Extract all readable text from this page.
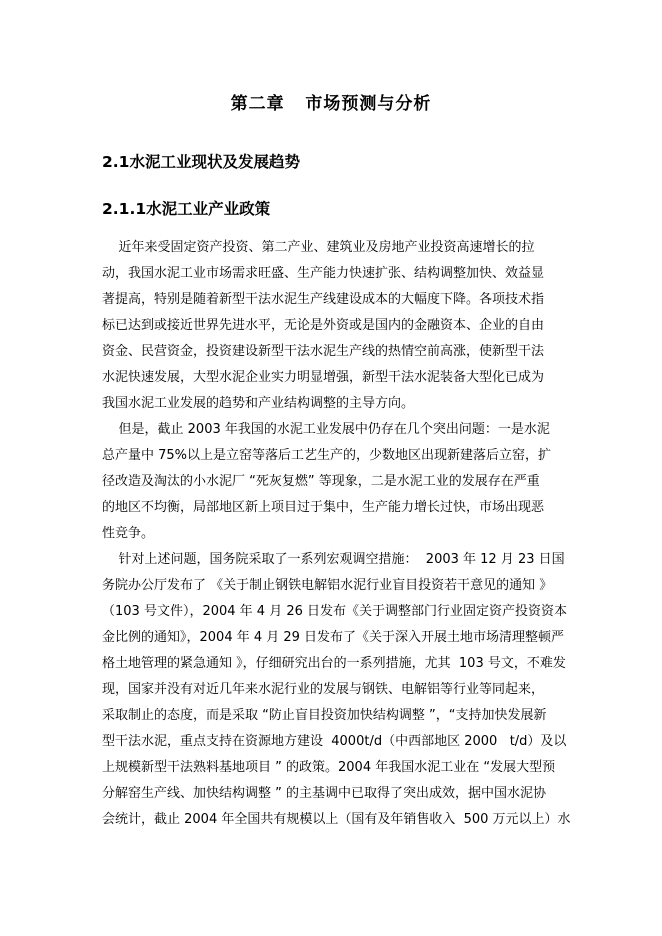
第二章   市场预测与分析
2.1水泥工业现状及发展趋势
2.1.1水泥工业产业政策
近年来受固定资产投资、第二产业、建筑业及房地产业投资高速增长的拉
动，我国水泥工业市场需求旺盛、生产能力快速扩张、结构调整加快、效益显
著提高，特别是随着新型干法水泥生产线建设成本的大幅度下降。各项技术指
标已达到或接近世界先进水平，无论是外资或是国内的金融资本、企业的自由
资金、民营资金，投资建设新型干法水泥生产线的热情空前高涨，使新型干法
水泥快速发展，大型水泥企业实力明显增强，新型干法水泥装备大型化已成为
我国水泥工业发展的趋势和产业结构调整的主导方向。
但是，截止 2003 年我国的水泥工业发展中仍存在几个突出问题：一是水泥
总产量中 75%以上是立窑等落后工艺生产的，少数地区出现新建落后立窑，扩
径改造及淘汰的小水泥厂 “死灰复燃” 等现象，二是水泥工业的发展存在严重
的地区不均衡，局部地区新上项目过于集中，生产能力增长过快，市场出现恶
性竞争。
针对上述问题，国务院采取了一系列宏观调空措施：  2003 年 12 月 23 日国
务院办公厅发布了 《关于制止钢铁电解铝水泥行业盲目投资若干意见的通知 》
（103 号文件），2004 年 4 月 26 日发布《关于调整部门行业固定资产投资资本
金比例的通知》，2004 年 4 月 29 日发布了《关于深入开展土地市场清理整顿严
格土地管理的紧急通知 》，仔细研究出台的一系列措施，尤其  103 号文，不难发
现，国家并没有对近几年来水泥行业的发展与钢铁、电解铝等行业等同起来，
采取制止的态度，而是采取 “防止盲目投资加快结构调整 ”，“支持加快发展新
型干法水泥，重点支持在资源地方建设  4000t/d（中西部地区 2000   t/d）及以
上规模新型干法熟料基地项目 ” 的政策。2004 年我国水泥工业在 “发展大型预
分解窑生产线、加快结构调整 ” 的主基调中已取得了突出成效，据中国水泥协
会统计，截止 2004 年全国共有规模以上（国有及年销售收入  500 万元以上）水
